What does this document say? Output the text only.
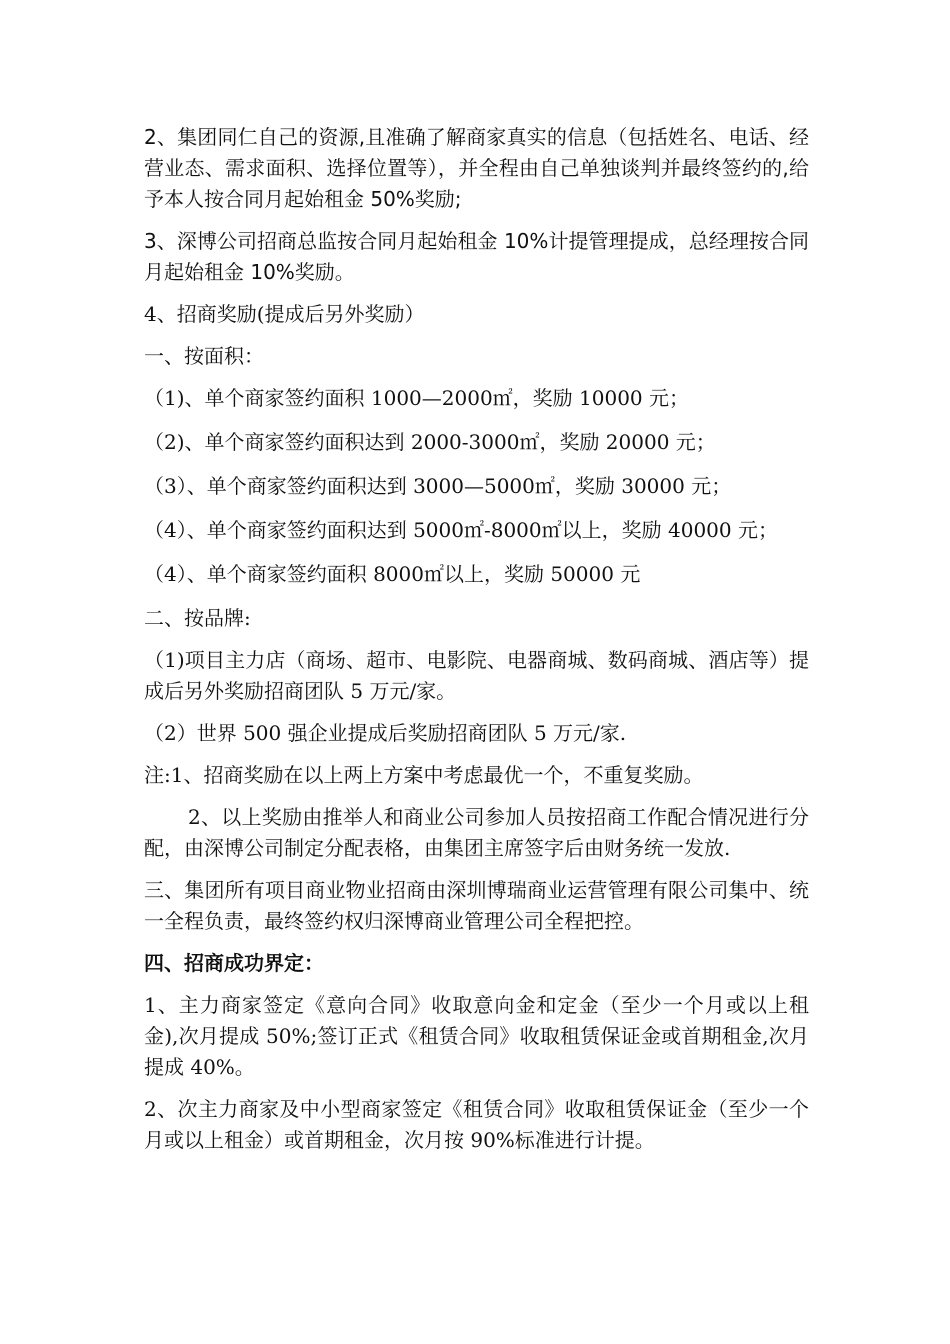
2、集团同仁自己的资源,且准确了解商家真实的信息（包括姓名、电话、经营业态、需求面积、选择位置等），并全程由自己单独谈判并最终签约的,给予本人按合同月起始租金 50%奖励;

3、深博公司招商总监按合同月起始租金 10%计提管理提成，总经理按合同月起始租金 10%奖励。

4、招商奖励(提成后另外奖励）

一、按面积：

（1)、单个商家签约面积 1000—2000㎡，奖励 10000 元；

（2)、单个商家签约面积达到 2000-3000㎡，奖励 20000 元；

（3）、单个商家签约面积达到 3000—5000㎡，奖励 30000 元；

（4）、单个商家签约面积达到 5000㎡-8000㎡以上，奖励 40000 元；

（4）、单个商家签约面积 8000㎡以上，奖励 50000 元

二、按品牌:

（1)项目主力店（商场、超市、电影院、电器商城、数码商城、酒店等）提成后另外奖励招商团队 5 万元/家。

（2）世界 500 强企业提成后奖励招商团队 5 万元/家.

注:1、招商奖励在以上两上方案中考虑最优一个，不重复奖励。

2、以上奖励由推举人和商业公司参加人员按招商工作配合情况进行分配，由深博公司制定分配表格，由集团主席签字后由财务统一发放.

三、集团所有项目商业物业招商由深圳博瑞商业运营管理有限公司集中、统一全程负责，最终签约权归深博商业管理公司全程把控。

四、招商成功界定：

1、主力商家签定《意向合同》收取意向金和定金（至少一个月或以上租金),次月提成 50%;签订正式《租赁合同》收取租赁保证金或首期租金,次月提成 40%。

2、次主力商家及中小型商家签定《租赁合同》收取租赁保证金（至少一个月或以上租金）或首期租金，次月按 90%标准进行计提。
